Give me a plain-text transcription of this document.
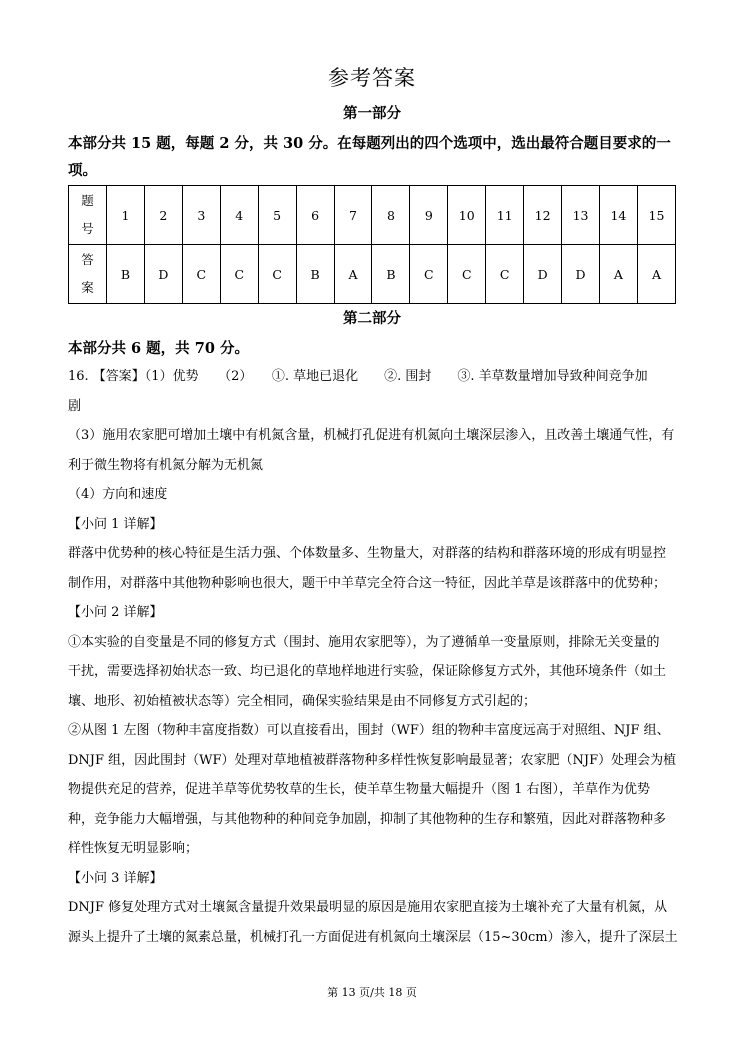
参考答案
第一部分
本部分共 15 题，每题 2 分，共 30 分。在每题列出的四个选项中，选出最符合题目要求的一
项。
题
号	1	2	3	4	5	6	7	8	9	10	11	12	13	14	15
答
案	B	D	C	C	C	B	A	B	C	C	C	D	D	A	A
第二部分
本部分共 6 题，共 70 分。
16. 【答案】（1）优势　　（2）　　①. 草地已退化　　②. 围封　　③. 羊草数量增加导致种间竞争加
剧
（3）施用农家肥可增加土壤中有机氮含量，机械打孔促进有机氮向土壤深层渗入，且改善土壤通气性，有
利于微生物将有机氮分解为无机氮
（4）方向和速度
【小问 1 详解】
群落中优势种的核心特征是生活力强、个体数量多、生物量大，对群落的结构和群落环境的形成有明显控
制作用，对群落中其他物种影响也很大，题干中羊草完全符合这一特征，因此羊草是该群落中的优势种；
【小问 2 详解】
①本实验的自变量是不同的修复方式（围封、施用农家肥等），为了遵循单一变量原则，排除无关变量的
干扰，需要选择初始状态一致、均已退化的草地样地进行实验，保证除修复方式外，其他环境条件（如土
壤、地形、初始植被状态等）完全相同，确保实验结果是由不同修复方式引起的；
②从图 1 左图（物种丰富度指数）可以直接看出，围封（WF）组的物种丰富度远高于对照组、NJF 组、
DNJF 组，因此围封（WF）处理对草地植被群落物种多样性恢复影响最显著；农家肥（NJF）处理会为植
物提供充足的营养，促进羊草等优势牧草的生长，使羊草生物量大幅提升（图 1 右图），羊草作为优势
种，竞争能力大幅增强，与其他物种的种间竞争加剧，抑制了其他物种的生存和繁殖，因此对群落物种多
样性恢复无明显影响；
【小问 3 详解】
DNJF 修复处理方式对土壤氮含量提升效果最明显的原因是施用农家肥直接为土壤补充了大量有机氮，从
源头上提升了土壤的氮素总量，机械打孔一方面促进有机氮向土壤深层（15~30cm）渗入，提升了深层土
第 13 页/共 18 页
